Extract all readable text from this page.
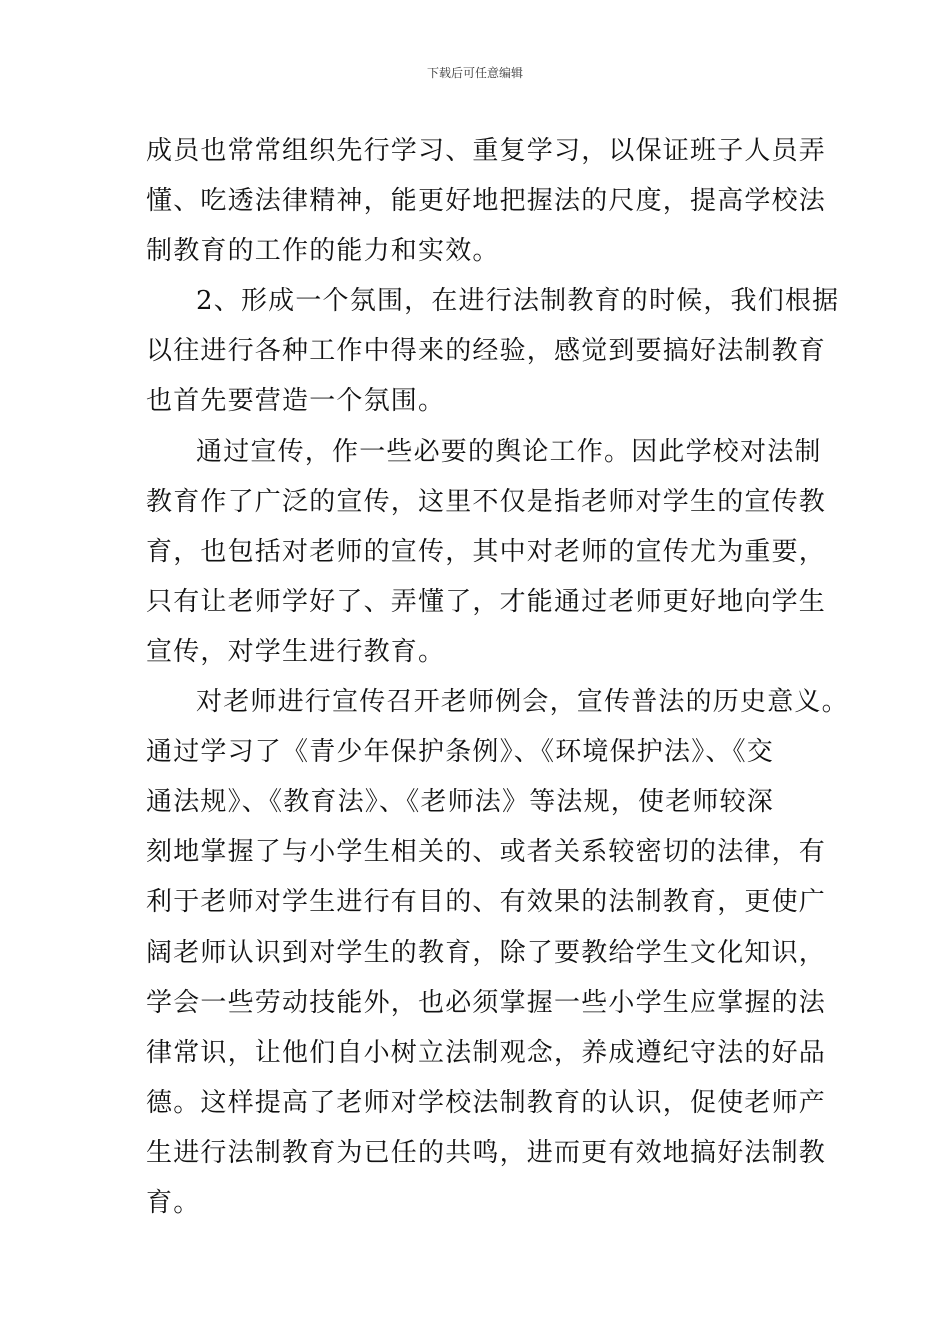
下载后可任意编辑
成员也常常组织先行学习、重复学习，以保证班子人员弄
懂、吃透法律精神，能更好地把握法的尺度，提高学校法
制教育的工作的能力和实效。
2、形成一个氛围，在进行法制教育的时候，我们根据
以往进行各种工作中得来的经验，感觉到要搞好法制教育
也首先要营造一个氛围。
通过宣传，作一些必要的舆论工作。因此学校对法制
教育作了广泛的宣传，这里不仅是指老师对学生的宣传教
育，也包括对老师的宣传，其中对老师的宣传尤为重要，
只有让老师学好了、弄懂了，才能通过老师更好地向学生
宣传，对学生进行教育。
对老师进行宣传召开老师例会，宣传普法的历史意义。
通过学习了《青少年保护条例》、《环境保护法》、《交
通法规》、《教育法》、《老师法》等法规，使老师较深
刻地掌握了与小学生相关的、或者关系较密切的法律，有
利于老师对学生进行有目的、有效果的法制教育，更使广
阔老师认识到对学生的教育，除了要教给学生文化知识，
学会一些劳动技能外，也必须掌握一些小学生应掌握的法
律常识，让他们自小树立法制观念，养成遵纪守法的好品
德。这样提高了老师对学校法制教育的认识，促使老师产
生进行法制教育为已任的共鸣，进而更有效地搞好法制教
育。
